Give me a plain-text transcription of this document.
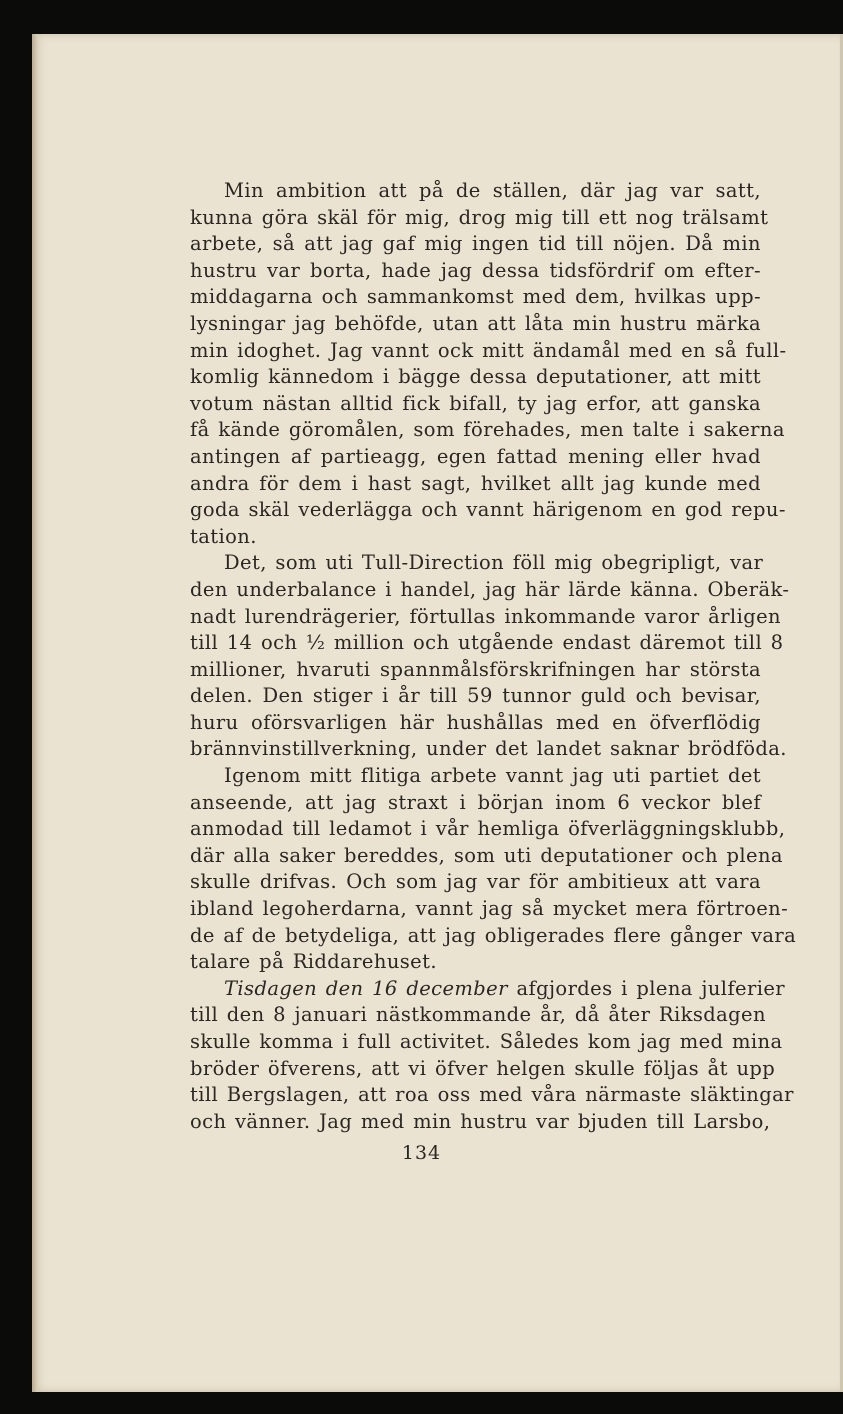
Min ambition att på de ställen, där jag var satt,
kunna göra skäl för mig, drog mig till ett nog trälsamt
arbete, så att jag gaf mig ingen tid till nöjen. Då min
hustru var borta, hade jag dessa tidsfördrif om efter-
middagarna och sammankomst med dem, hvilkas upp-
lysningar jag behöfde, utan att låta min hustru märka
min idoghet. Jag vannt ock mitt ändamål med en så full-
komlig kännedom i bägge dessa deputationer, att mitt
votum nästan alltid fick bifall, ty jag erfor, att ganska
få kände göromålen, som förehades, men talte i sakerna
antingen af partieagg, egen fattad mening eller hvad
andra för dem i hast sagt, hvilket allt jag kunde med
goda skäl vederlägga och vannt härigenom en god repu-
tation.

Det, som uti Tull-Direction föll mig obegripligt, var
den underbalance i handel, jag här lärde känna. Oberäk-
nadt lurendrägerier, förtullas inkommande varor årligen
till 14 och ½ million och utgående endast däremot till 8
millioner, hvaruti spannmålsförskrifningen har största
delen. Den stiger i år till 59 tunnor guld och bevisar,
huru oförsvarligen här hushållas med en öfverflödig
brännvinstillverkning, under det landet saknar brödföda.

Igenom mitt flitiga arbete vannt jag uti partiet det
anseende, att jag straxt i början inom 6 veckor blef
anmodad till ledamot i vår hemliga öfverläggningsklubb,
där alla saker bereddes, som uti deputationer och plena
skulle drifvas. Och som jag var för ambitieux att vara
ibland legoherdarna, vannt jag så mycket mera förtroen-
de af de betydeliga, att jag obligerades flere gånger vara
talare på Riddarehuset.

Tisdagen den 16 december afgjordes i plena julferier
till den 8 januari nästkommande år, då åter Riksdagen
skulle komma i full activitet. Således kom jag med mina
bröder öfverens, att vi öfver helgen skulle följas åt upp
till Bergslagen, att roa oss med våra närmaste släktingar
och vänner. Jag med min hustru var bjuden till Larsbo,

134
